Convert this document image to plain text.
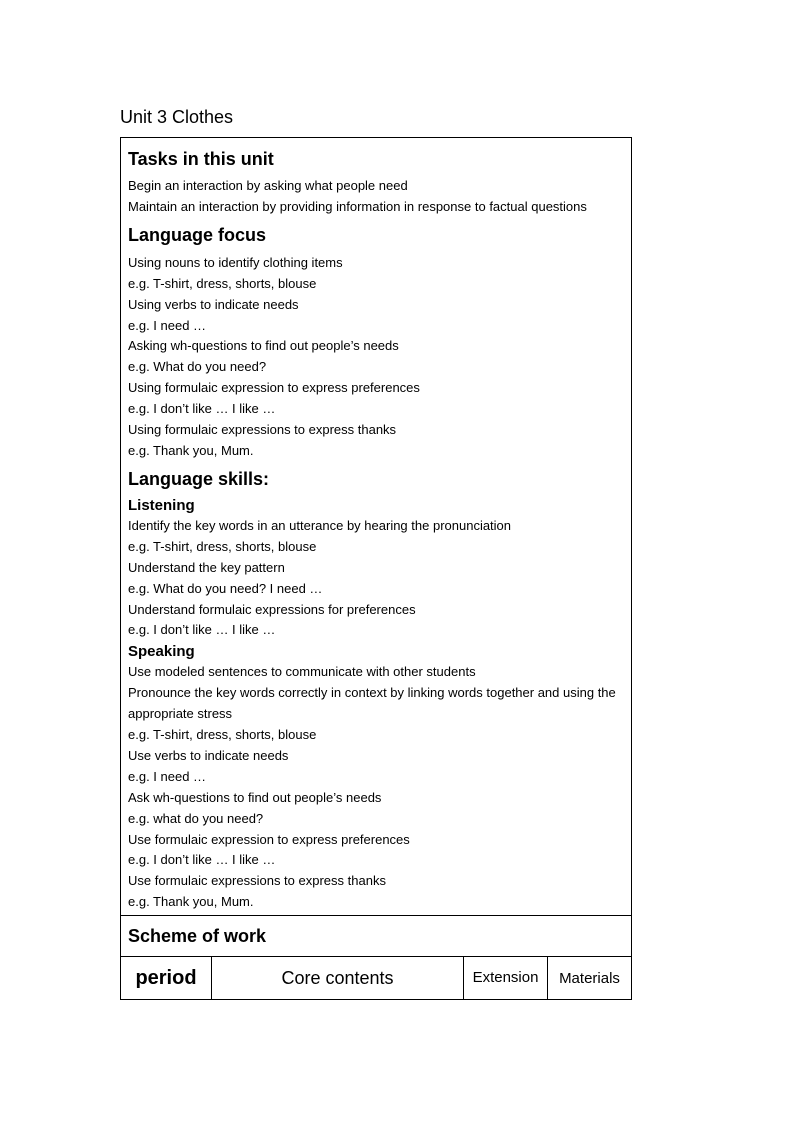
Unit 3 Clothes
Tasks in this unit

Begin an interaction by asking what people need

Maintain an interaction by providing information in response to factual questions

Language focus

Using nouns to identify clothing items

e.g. T-shirt, dress, shorts, blouse

Using verbs to indicate needs

e.g. I need …

Asking wh-questions to find out people’s needs

e.g. What do you need?

Using formulaic expression to express preferences

e.g. I don’t like … I like …

Using formulaic expressions to express thanks

e.g. Thank you, Mum.

Language skills:
Listening

Identify the key words in an utterance by hearing the pronunciation

e.g. T-shirt, dress, shorts, blouse

Understand the key pattern

e.g. What do you need? I need …

Understand formulaic expressions for preferences

e.g. I don’t like … I like …

Speaking

Use modeled sentences to communicate with other students

Pronounce the key words correctly in context by linking words together and using the appropriate stress

e.g. T-shirt, dress, shorts, blouse

Use verbs to indicate needs

e.g. I need …

Ask wh-questions to find out people’s needs

e.g. what do you need?

Use formulaic expression to express preferences

e.g. I don’t like … I like …

Use formulaic expressions to express thanks

e.g. Thank you, Mum.

Scheme of work
period	Core contents	Extension	Materials
